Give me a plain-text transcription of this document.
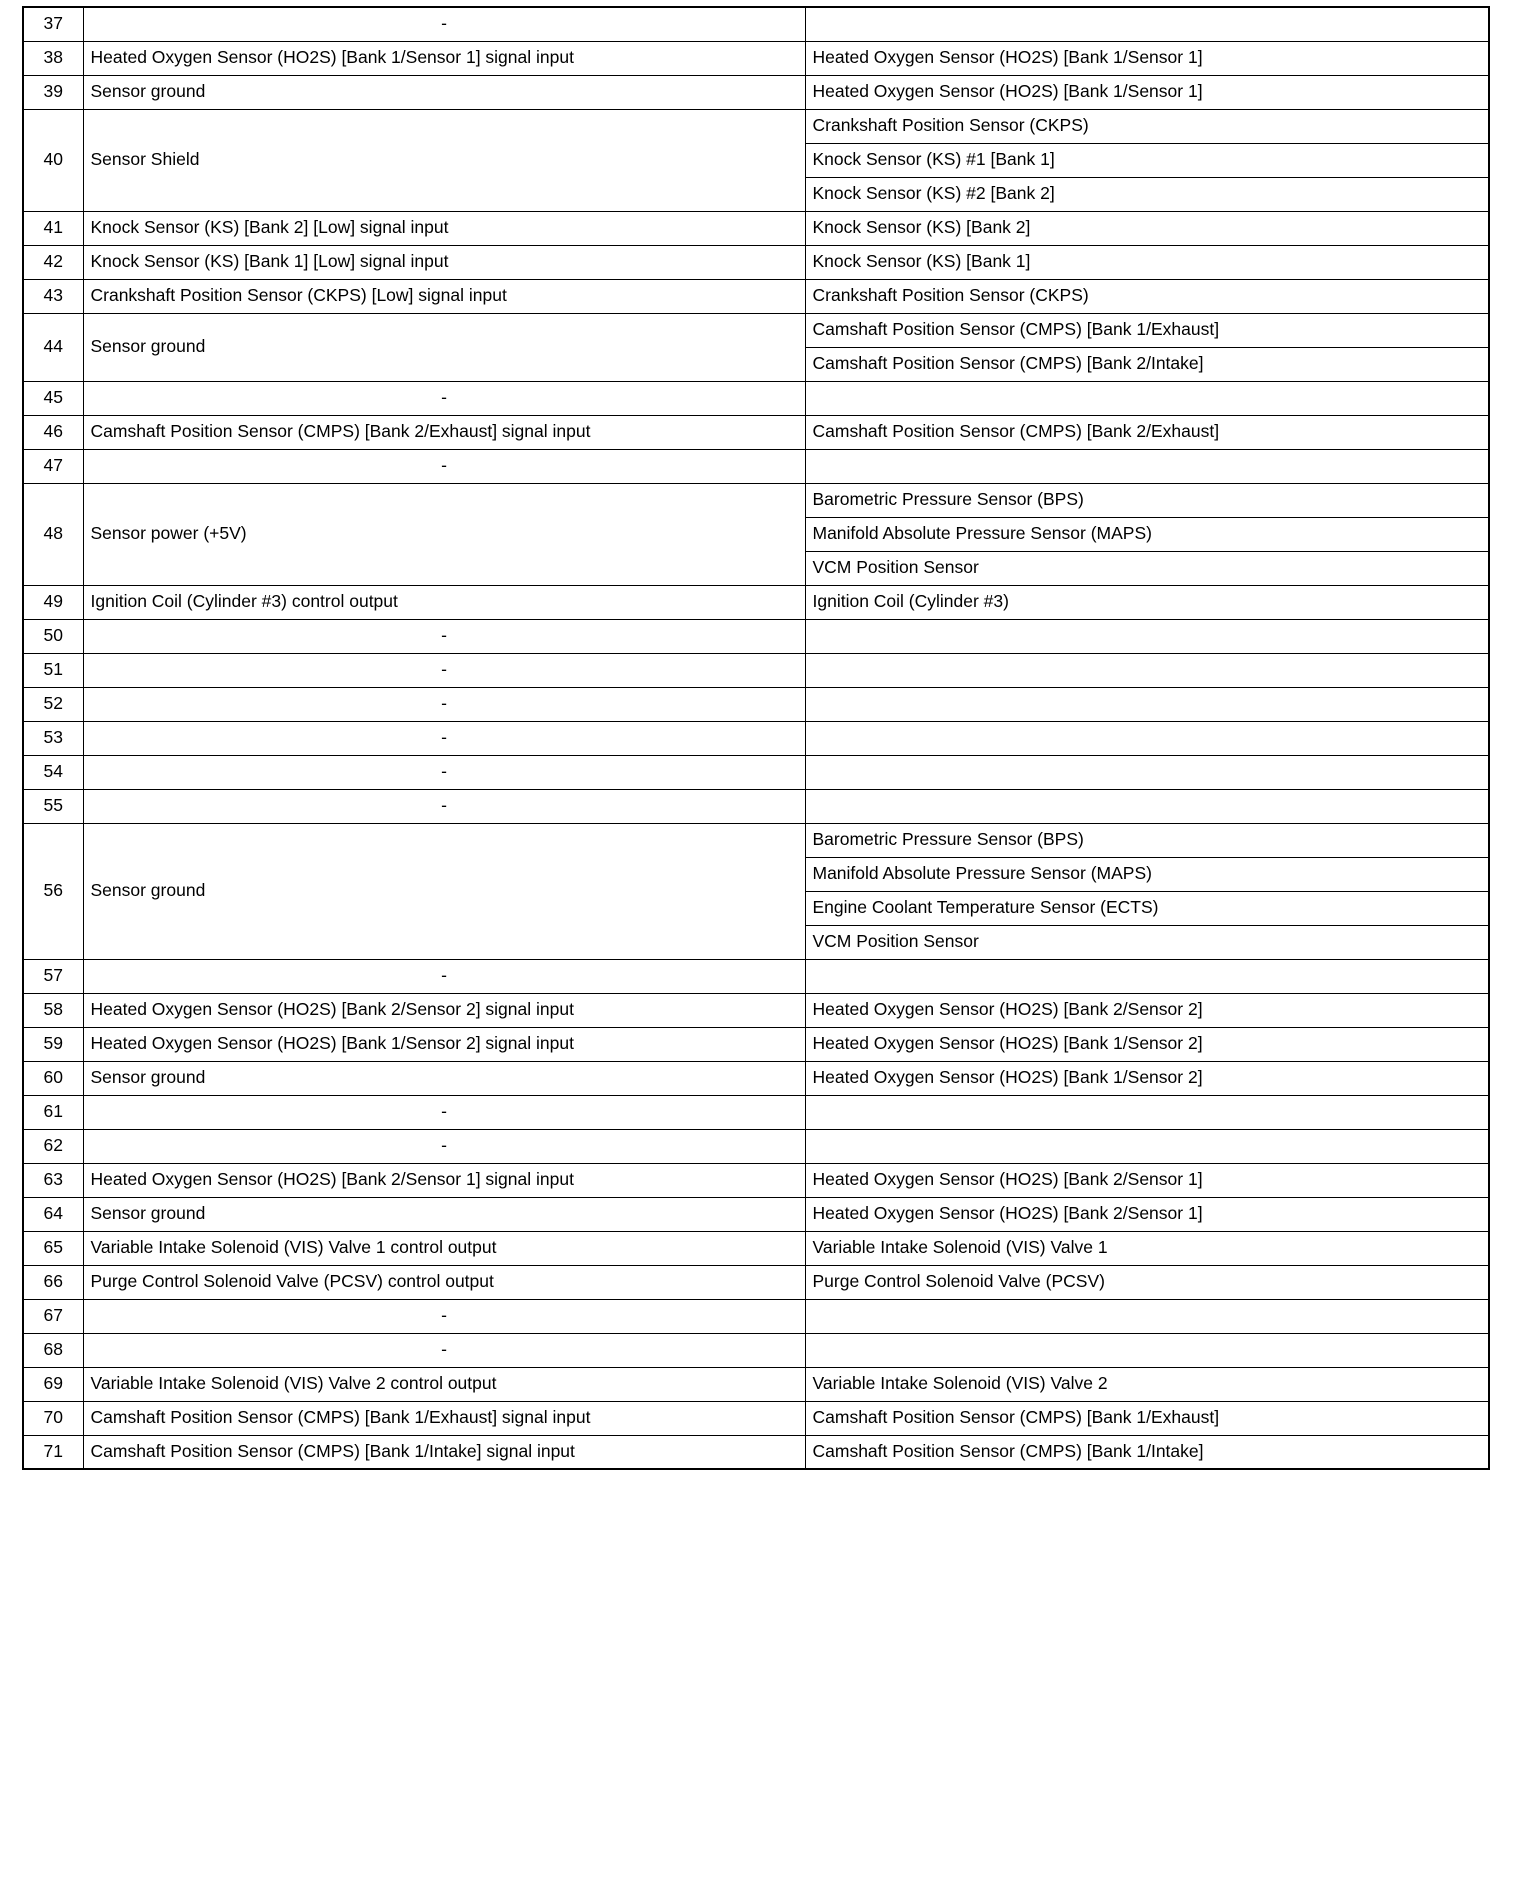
37	-	
38	Heated Oxygen Sensor (HO2S) [Bank 1/Sensor 1] signal input	Heated Oxygen Sensor (HO2S) [Bank 1/Sensor 1]
39	Sensor ground	Heated Oxygen Sensor (HO2S) [Bank 1/Sensor 1]
40	Sensor Shield	Crankshaft Position Sensor (CKPS)
		Knock Sensor (KS) #1 [Bank 1]
		Knock Sensor (KS) #2 [Bank 2]
41	Knock Sensor (KS) [Bank 2] [Low] signal input	Knock Sensor (KS) [Bank 2]
42	Knock Sensor (KS) [Bank 1] [Low] signal input	Knock Sensor (KS) [Bank 1]
43	Crankshaft Position Sensor (CKPS) [Low] signal input	Crankshaft Position Sensor (CKPS)
44	Sensor ground	Camshaft Position Sensor (CMPS) [Bank 1/Exhaust]
		Camshaft Position Sensor (CMPS) [Bank 2/Intake]
45	-	
46	Camshaft Position Sensor (CMPS) [Bank 2/Exhaust] signal input	Camshaft Position Sensor (CMPS) [Bank 2/Exhaust]
47	-	
48	Sensor power (+5V)	Barometric Pressure Sensor (BPS)
		Manifold Absolute Pressure Sensor (MAPS)
		VCM Position Sensor
49	Ignition Coil (Cylinder #3) control output	Ignition Coil (Cylinder #3)
50	-	
51	-	
52	-	
53	-	
54	-	
55	-	
56	Sensor ground	Barometric Pressure Sensor (BPS)
		Manifold Absolute Pressure Sensor (MAPS)
		Engine Coolant Temperature Sensor (ECTS)
		VCM Position Sensor
57	-	
58	Heated Oxygen Sensor (HO2S) [Bank 2/Sensor 2] signal input	Heated Oxygen Sensor (HO2S) [Bank 2/Sensor 2]
59	Heated Oxygen Sensor (HO2S) [Bank 1/Sensor 2] signal input	Heated Oxygen Sensor (HO2S) [Bank 1/Sensor 2]
60	Sensor ground	Heated Oxygen Sensor (HO2S) [Bank 1/Sensor 2]
61	-	
62	-	
63	Heated Oxygen Sensor (HO2S) [Bank 2/Sensor 1] signal input	Heated Oxygen Sensor (HO2S) [Bank 2/Sensor 1]
64	Sensor ground	Heated Oxygen Sensor (HO2S) [Bank 2/Sensor 1]
65	Variable Intake Solenoid (VIS) Valve 1 control output	Variable Intake Solenoid (VIS) Valve 1
66	Purge Control Solenoid Valve (PCSV) control output	Purge Control Solenoid Valve (PCSV)
67	-	
68	-	
69	Variable Intake Solenoid (VIS) Valve 2 control output	Variable Intake Solenoid (VIS) Valve 2
70	Camshaft Position Sensor (CMPS) [Bank 1/Exhaust] signal input	Camshaft Position Sensor (CMPS) [Bank 1/Exhaust]
71	Camshaft Position Sensor (CMPS) [Bank 1/Intake] signal input	Camshaft Position Sensor (CMPS) [Bank 1/Intake]
